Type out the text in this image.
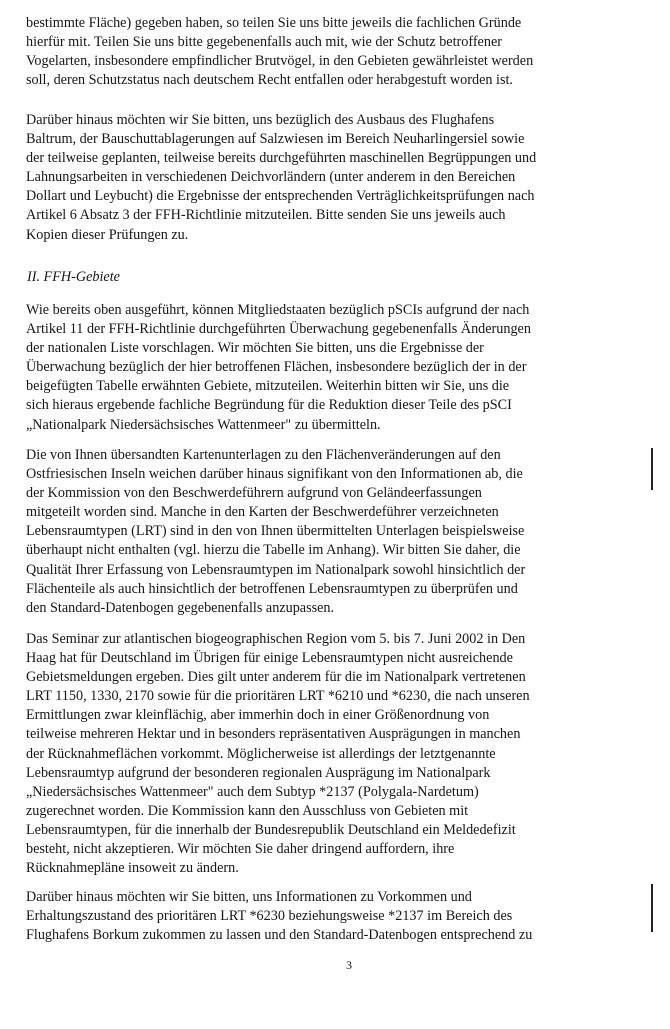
bestimmte Fläche) gegeben haben, so teilen Sie uns bitte jeweils die fachlichen Gründe
hierfür mit. Teilen Sie uns bitte gegebenenfalls auch mit, wie der Schutz betroffener
Vogelarten, insbesondere empfindlicher Brutvögel, in den Gebieten gewährleistet werden
soll, deren Schutzstatus nach deutschem Recht entfallen oder herabgestuft worden ist.
Darüber hinaus möchten wir Sie bitten, uns bezüglich des Ausbaus des Flughafens
Baltrum, der Bauschuttablagerungen auf Salzwiesen im Bereich Neuharlingersiel sowie
der teilweise geplanten, teilweise bereits durchgeführten maschinellen Begrüppungen und
Lahnungsarbeiten in verschiedenen Deichvorländern (unter anderem in den Bereichen
Dollart und Leybucht) die Ergebnisse der entsprechenden Verträglichkeitsprüfungen nach
Artikel 6 Absatz 3 der FFH-Richtlinie mitzuteilen. Bitte senden Sie uns jeweils auch
Kopien dieser Prüfungen zu.
II. FFH-Gebiete
Wie bereits oben ausgeführt, können Mitgliedstaaten bezüglich pSCIs aufgrund der nach
Artikel 11 der FFH-Richtlinie durchgeführten Überwachung gegebenenfalls Änderungen
der nationalen Liste vorschlagen. Wir möchten Sie bitten, uns die Ergebnisse der
Überwachung bezüglich der hier betroffenen Flächen, insbesondere bezüglich der in der
beigefügten Tabelle erwähnten Gebiete, mitzuteilen. Weiterhin bitten wir Sie, uns die
sich hieraus ergebende fachliche Begründung für die Reduktion dieser Teile des pSCI
„Nationalpark Niedersächsisches Wattenmeer" zu übermitteln.
Die von Ihnen übersandten Kartenunterlagen zu den Flächenveränderungen auf den
Ostfriesischen Inseln weichen darüber hinaus signifikant von den Informationen ab, die
der Kommission von den Beschwerdeführern aufgrund von Geländeerfassungen
mitgeteilt worden sind. Manche in den Karten der Beschwerdeführer verzeichneten
Lebensraumtypen (LRT) sind in den von Ihnen übermittelten Unterlagen beispielsweise
überhaupt nicht enthalten (vgl. hierzu die Tabelle im Anhang). Wir bitten Sie daher, die
Qualität Ihrer Erfassung von Lebensraumtypen im Nationalpark sowohl hinsichtlich der
Flächenteile als auch hinsichtlich der betroffenen Lebensraumtypen zu überprüfen und
den Standard-Datenbogen gegebenenfalls anzupassen.
Das Seminar zur atlantischen biogeographischen Region vom 5. bis 7. Juni 2002 in Den
Haag hat für Deutschland im Übrigen für einige Lebensraumtypen nicht ausreichende
Gebietsmeldungen ergeben. Dies gilt unter anderem für die im Nationalpark vertretenen
LRT 1150, 1330, 2170 sowie für die prioritären LRT *6210 und *6230, die nach unseren
Ermittlungen zwar kleinflächig, aber immerhin doch in einer Größenordnung von
teilweise mehreren Hektar und in besonders repräsentativen Ausprägungen in manchen
der Rücknahmeflächen vorkommt. Möglicherweise ist allerdings der letztgenannte
Lebensraumtyp aufgrund der besonderen regionalen Ausprägung im Nationalpark
„Niedersächsisches Wattenmeer" auch dem Subtyp *2137 (Polygala-Nardetum)
zugerechnet worden. Die Kommission kann den Ausschluss von Gebieten mit
Lebensraumtypen, für die innerhalb der Bundesrepublik Deutschland ein Meldedefizit
besteht, nicht akzeptieren. Wir möchten Sie daher dringend auffordern, ihre
Rücknahmepläne insoweit zu ändern.
Darüber hinaus möchten wir Sie bitten, uns Informationen zu Vorkommen und
Erhaltungszustand des prioritären LRT *6230 beziehungsweise *2137 im Bereich des
Flughafens Borkum zukommen zu lassen und den Standard-Datenbogen entsprechend zu
3
